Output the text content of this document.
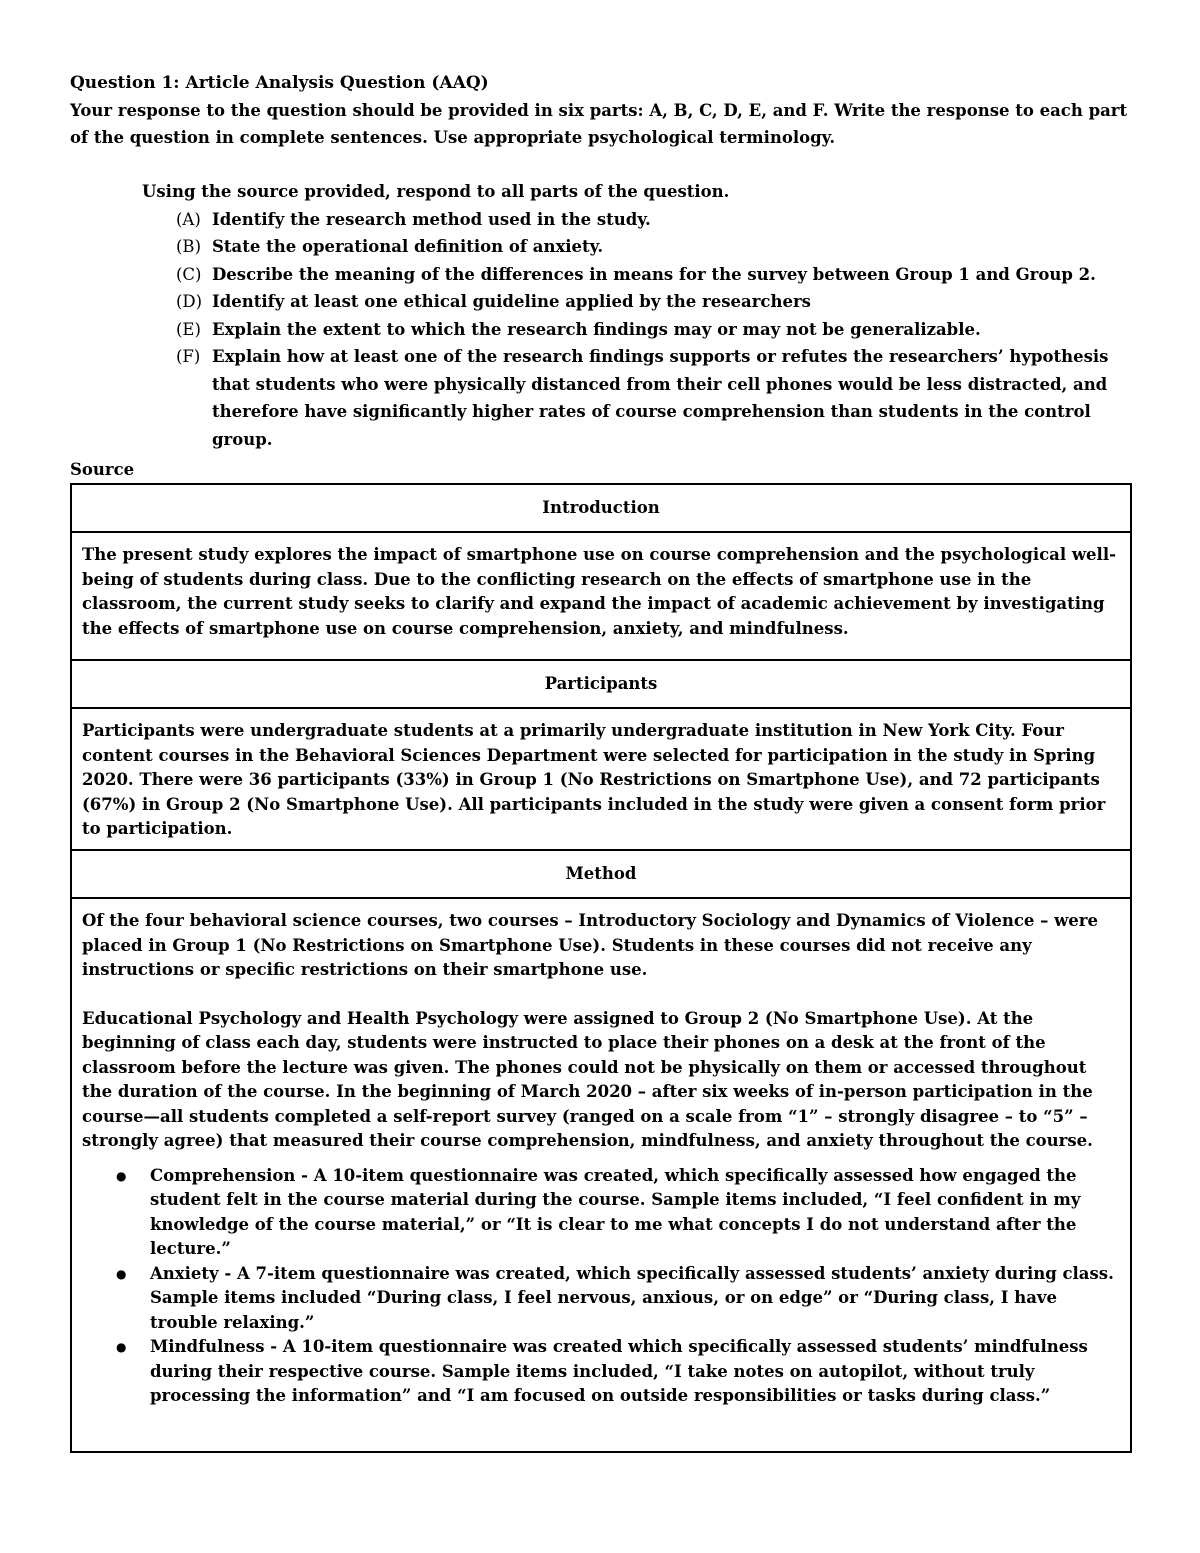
Question 1: Article Analysis Question (AAQ)

Your response to the question should be provided in six parts: A, B, C, D, E, and F. Write the response to each part of the question in complete sentences. Use appropriate psychological terminology.

Using the source provided, respond to all parts of the question.
(A) Identify the research method used in the study.
(B) State the operational definition of anxiety.
(C) Describe the meaning of the differences in means for the survey between Group 1 and Group 2.
(D) Identify at least one ethical guideline applied by the researchers
(E) Explain the extent to which the research findings may or may not be generalizable.
(F) Explain how at least one of the research findings supports or refutes the researchers’ hypothesis that students who were physically distanced from their cell phones would be less distracted, and therefore have significantly higher rates of course comprehension than students in the control group.
Source
Introduction

The present study explores the impact of smartphone use on course comprehension and the psychological well-being of students during class. Due to the conflicting research on the effects of smartphone use in the classroom, the current study seeks to clarify and expand the impact of academic achievement by investigating the effects of smartphone use on course comprehension, anxiety, and mindfulness.

Participants

Participants were undergraduate students at a primarily undergraduate institution in New York City. Four content courses in the Behavioral Sciences Department were selected for participation in the study in Spring 2020. There were 36 participants (33%) in Group 1 (No Restrictions on Smartphone Use), and 72 participants (67%) in Group 2 (No Smartphone Use). All participants included in the study were given a consent form prior to participation.

Method

Of the four behavioral science courses, two courses – Introductory Sociology and Dynamics of Violence – were placed in Group 1 (No Restrictions on Smartphone Use). Students in these courses did not receive any instructions or specific restrictions on their smartphone use.

Educational Psychology and Health Psychology were assigned to Group 2 (No Smartphone Use). At the beginning of class each day, students were instructed to place their phones on a desk at the front of the classroom before the lecture was given. The phones could not be physically on them or accessed throughout the duration of the course. In the beginning of March 2020 – after six weeks of in-person participation in the course—all students completed a self-report survey (ranged on a scale from “1” – strongly disagree – to “5” – strongly agree) that measured their course comprehension, mindfulness, and anxiety throughout the course.

● Comprehension - A 10-item questionnaire was created, which specifically assessed how engaged the student felt in the course material during the course. Sample items included, “I feel confident in my knowledge of the course material,” or “It is clear to me what concepts I do not understand after the lecture.”
● Anxiety - A 7-item questionnaire was created, which specifically assessed students’ anxiety during class. Sample items included “During class, I feel nervous, anxious, or on edge” or “During class, I have trouble relaxing.”
● Mindfulness - A 10-item questionnaire was created which specifically assessed students’ mindfulness during their respective course. Sample items included, “I take notes on autopilot, without truly processing the information” and “I am focused on outside responsibilities or tasks during class.”
